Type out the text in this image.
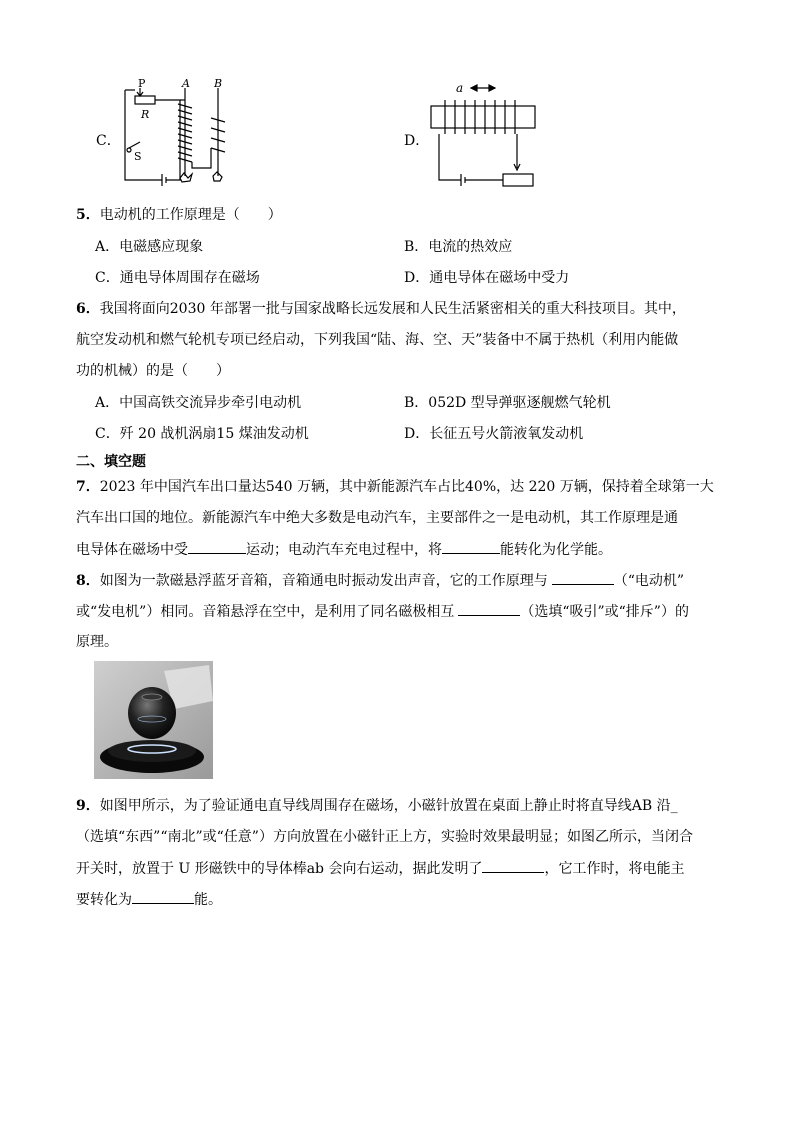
C．
P
R
S
A B
D．
a
5．电动机的工作原理是（　　）
A．电磁感应现象	B．电流的热效应
C．通电导体周围存在磁场	D．通电导体在磁场中受力
6．我国将面向2030 年部署一批与国家战略长远发展和人民生活紧密相关的重大科技项目。其中，
航空发动机和燃气轮机专项已经启动，下列我国“陆、海、空、天”装备中不属于热机（利用内能做
功的机械）的是（　　）
A．中国高铁交流异步牵引电动机	B．052D 型导弹驱逐舰燃气轮机
C．歼 20 战机涡扇15 煤油发动机	D．长征五号火箭液氧发动机
二、填空题
7．2023 年中国汽车出口量达540 万辆，其中新能源汽车占比40%，达 220 万辆，保持着全球第一大
汽车出口国的地位。新能源汽车中绝大多数是电动汽车，主要部件之一是电动机，其工作原理是通
电导体在磁场中受	运动；电动汽车充电过程中，将	能转化为化学能。
8．如图为一款磁悬浮蓝牙音箱，音箱通电时振动发出声音，它的工作原理与	（“电动机”
或“发电机”）相同。音箱悬浮在空中，是利用了同名磁极相互	（选填“吸引”或“排斥”）的
原理。
9．如图甲所示，为了验证通电直导线周围存在磁场，小磁针放置在桌面上静止时将直导线AB 沿_
（选填“东西”“南北”或“任意”）方向放置在小磁针正上方，实验时效果最明显；如图乙所示，当闭合
开关时，放置于 U 形磁铁中的导体棒ab 会向右运动，据此发明了	，它工作时，将电能主
要转化为	能。
